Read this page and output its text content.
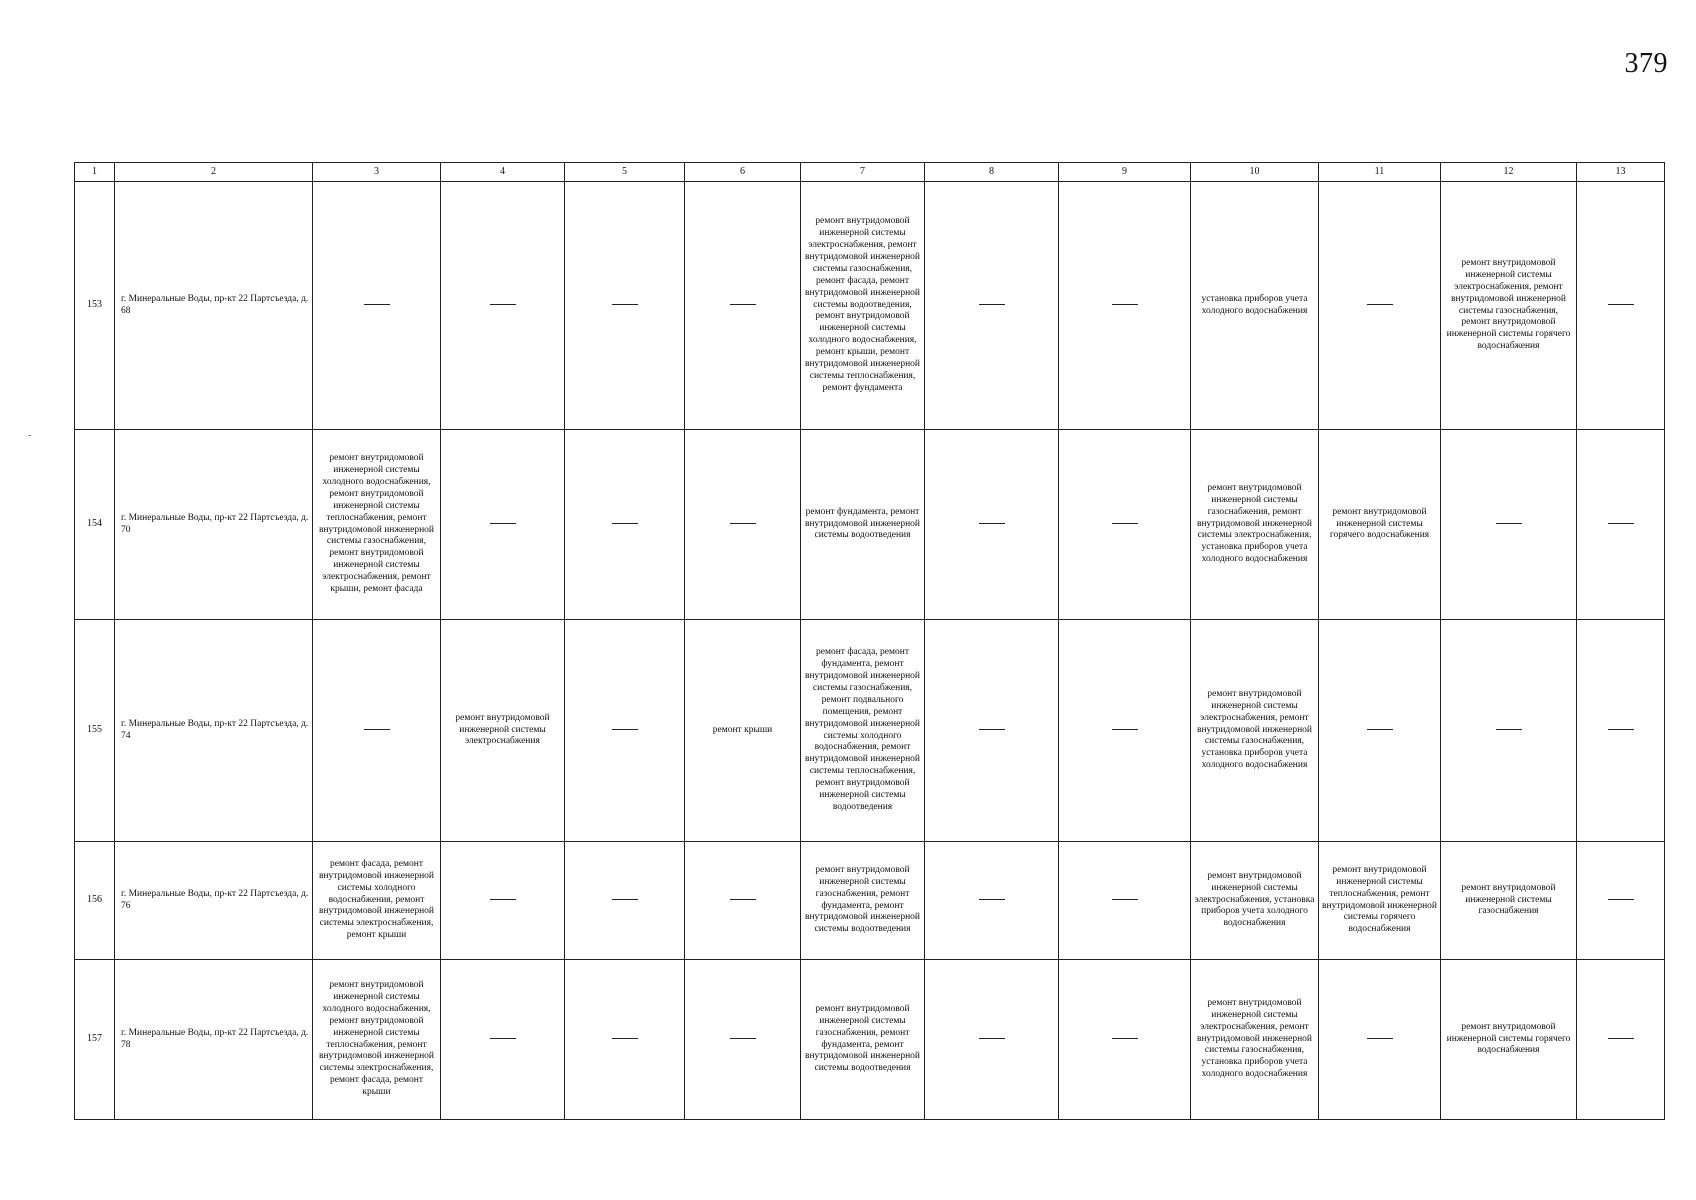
379
-
1	2	3	4	5	6	7	8	9	10	11	12	13
153	г. Минеральные Воды, пр-кт 22 Партсъезда, д. 68					ремонт внутридомовой инженерной системы электроснабжения, ремонт внутридомовой инженерной системы газоснабжения, ремонт фасада, ремонт внутридомовой инженерной системы водоотведения, ремонт внутридомовой инженерной системы холодного водоснабжения, ремонт крыши, ремонт внутридомовой инженерной системы теплоснабжения, ремонт фундамента			установка приборов учета холодного водоснабжения		ремонт внутридомовой инженерной системы электроснабжения, ремонт внутридомовой инженерной системы газоснабжения, ремонт внутридомовой инженерной системы горячего водоснабжения	
154	г. Минеральные Воды, пр-кт 22 Партсъезда, д. 70	ремонт внутридомовой инженерной системы холодного водоснабжения, ремонт внутридомовой инженерной системы теплоснабжения, ремонт внутридомовой инженерной системы газоснабжения, ремонт внутридомовой инженерной системы электроснабжения, ремонт крыши, ремонт фасада				ремонт фундамента, ремонт внутридомовой инженерной системы водоотведения			ремонт внутридомовой инженерной системы газоснабжения, ремонт внутридомовой инженерной системы электроснабжения, установка приборов учета холодного водоснабжения	ремонт внутридомовой инженерной системы горячего водоснабжения		
155	г. Минеральные Воды, пр-кт 22 Партсъезда, д. 74		ремонт внутридомовой инженерной системы электроснабжения		ремонт крыши	ремонт фасада, ремонт фундамента, ремонт внутридомовой инженерной системы газоснабжения, ремонт подвального помещения, ремонт внутридомовой инженерной системы холодного водоснабжения, ремонт внутридомовой инженерной системы теплоснабжения, ремонт внутридомовой инженерной системы водоотведения			ремонт внутридомовой инженерной системы электроснабжения, ремонт внутридомовой инженерной системы газоснабжения, установка приборов учета холодного водоснабжения			
156	г. Минеральные Воды, пр-кт 22 Партсъезда, д. 76	ремонт фасада, ремонт внутридомовой инженерной системы холодного водоснабжения, ремонт внутридомовой инженерной системы электроснабжения, ремонт крыши				ремонт внутридомовой инженерной системы газоснабжения, ремонт фундамента, ремонт внутридомовой инженерной системы водоотведения			ремонт внутридомовой инженерной системы электроснабжения, установка приборов учета холодного водоснабжения	ремонт внутридомовой инженерной системы теплоснабжения, ремонт внутридомовой инженерной системы горячего водоснабжения	ремонт внутридомовой инженерной системы газоснабжения	
157	г. Минеральные Воды, пр-кт 22 Партсъезда, д. 78	ремонт внутридомовой инженерной системы холодного водоснабжения, ремонт внутридомовой инженерной системы теплоснабжения, ремонт внутридомовой инженерной системы электроснабжения, ремонт фасада, ремонт крыши				ремонт внутридомовой инженерной системы газоснабжения, ремонт фундамента, ремонт внутридомовой инженерной системы водоотведения			ремонт внутридомовой инженерной системы электроснабжения, ремонт внутридомовой инженерной системы газоснабжения, установка приборов учета холодного водоснабжения		ремонт внутридомовой инженерной системы горячего водоснабжения	
